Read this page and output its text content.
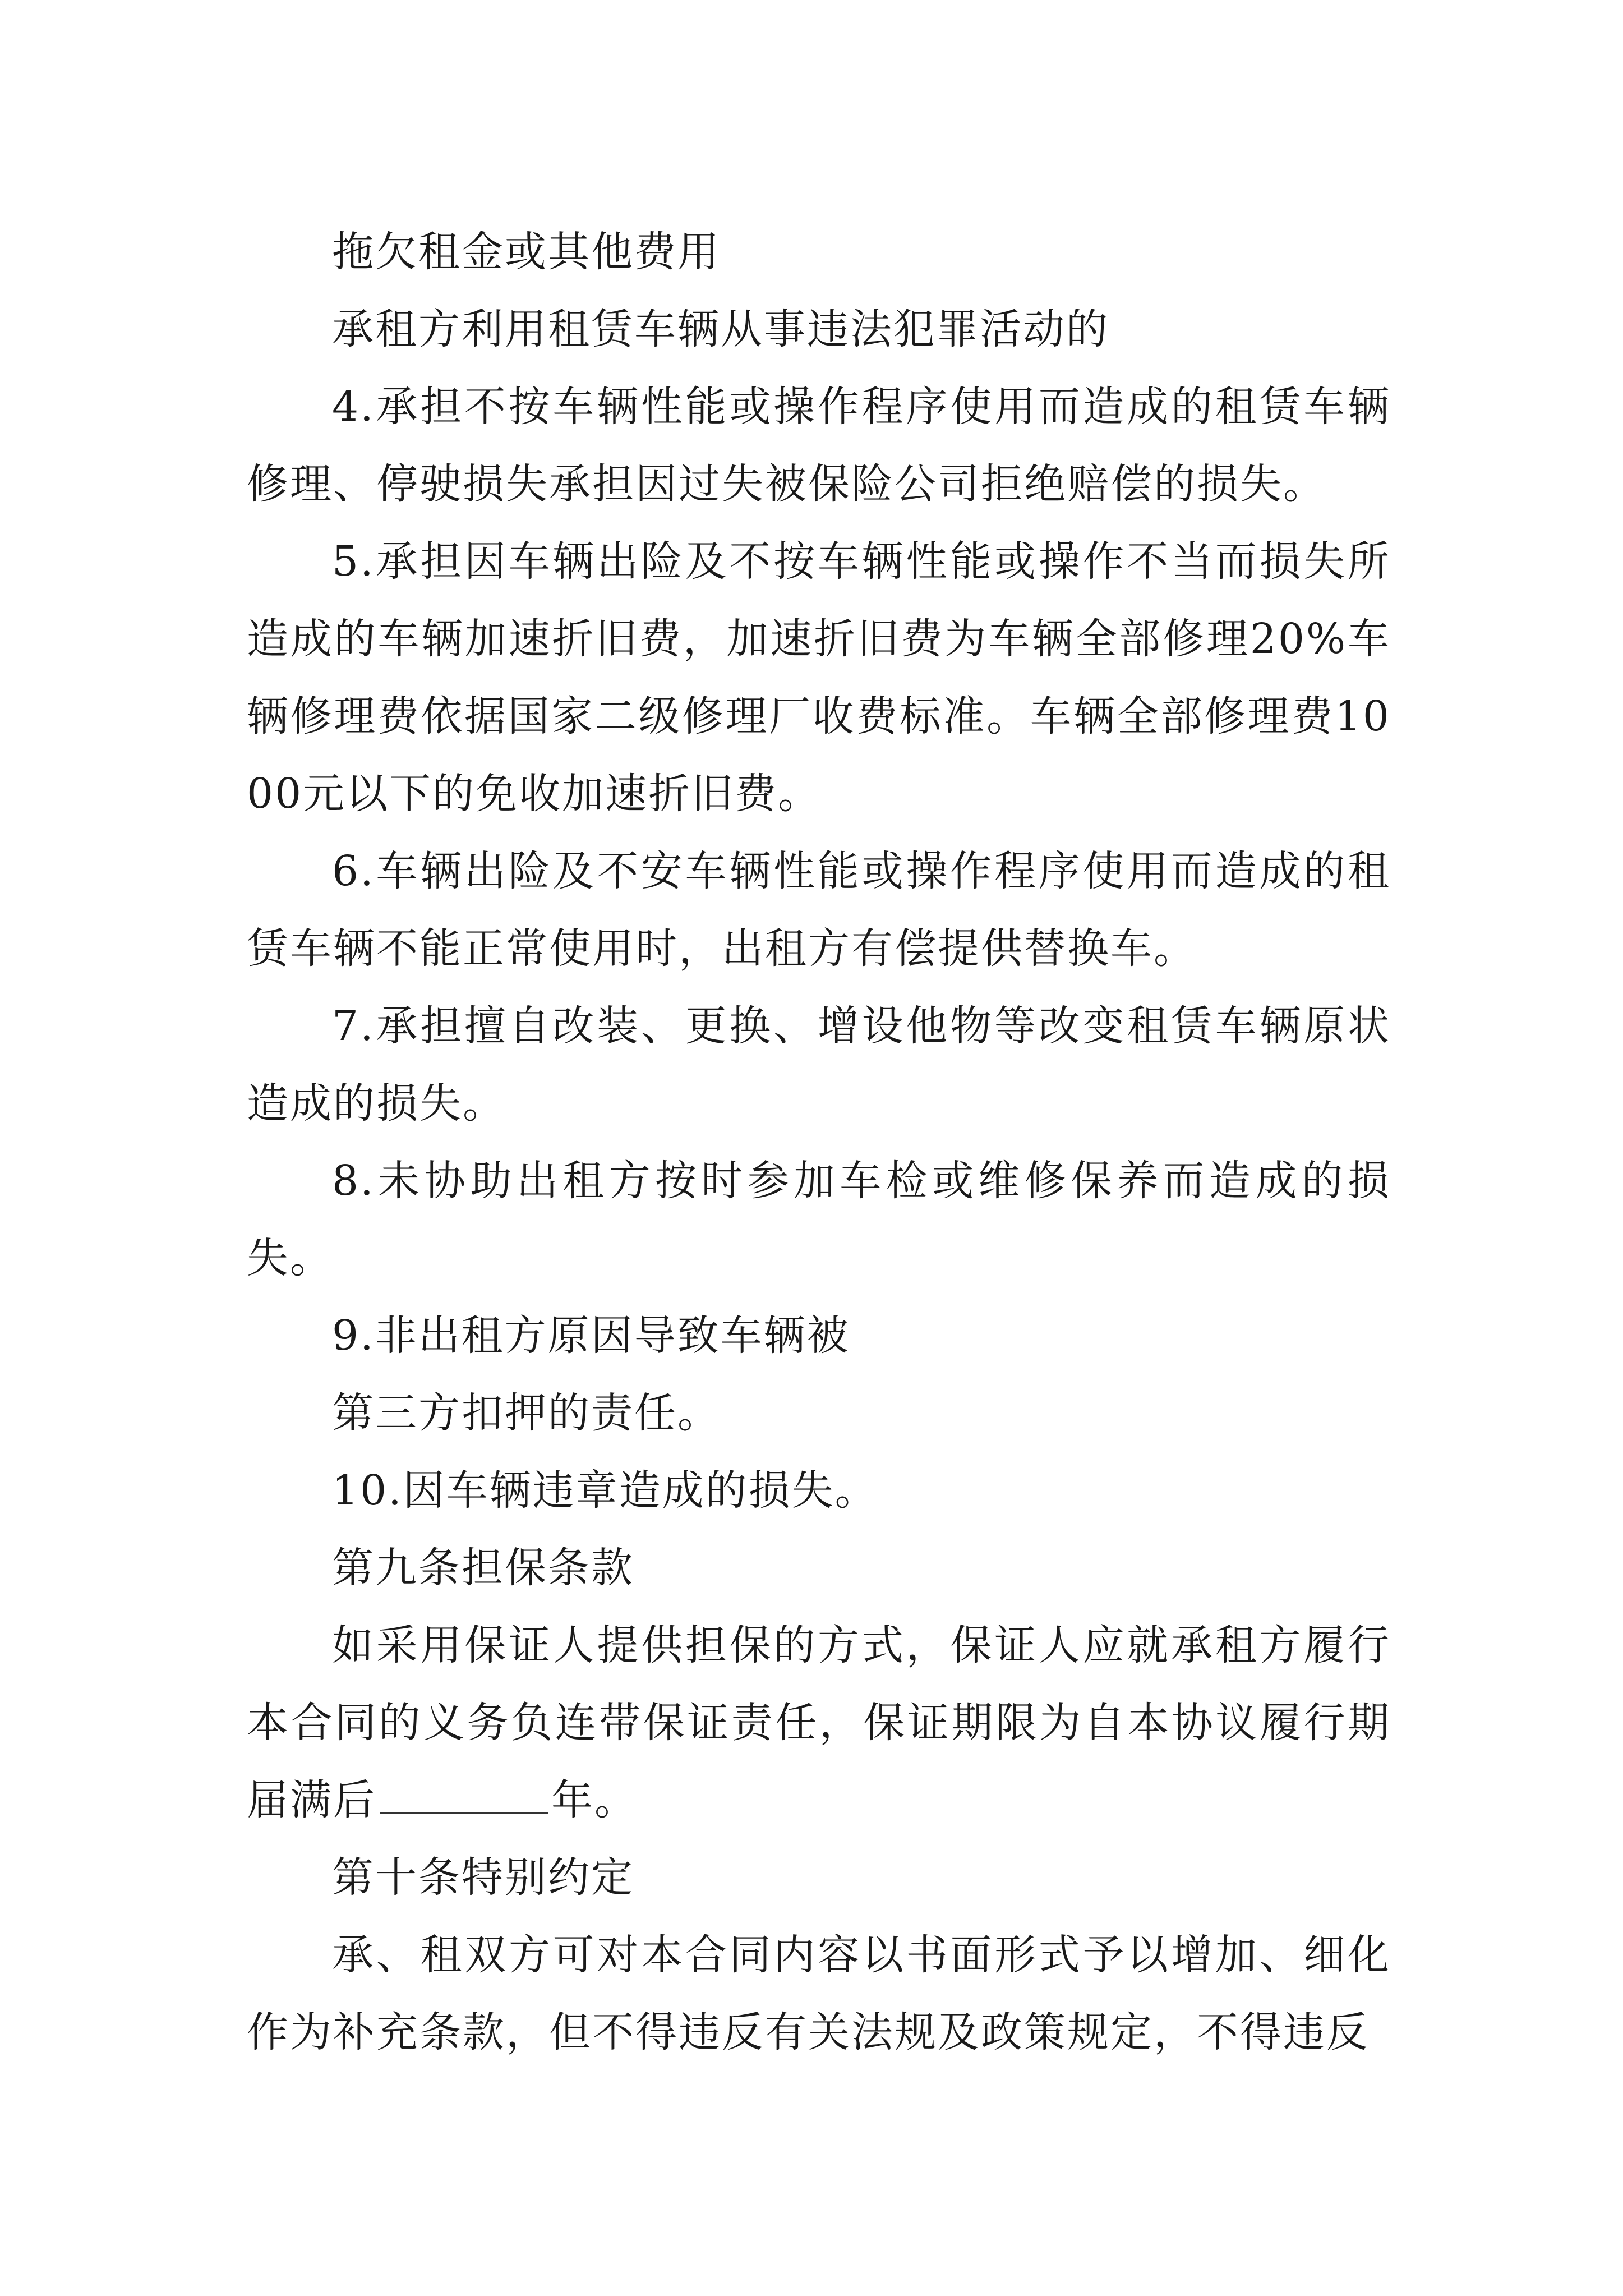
拖欠租金或其他费用

承租方利用租赁车辆从事违法犯罪活动的

4.承担不按车辆性能或操作程序使用而造成的租赁车辆修理、停驶损失承担因过失被保险公司拒绝赔偿的损失。

5.承担因车辆出险及不按车辆性能或操作不当而损失所造成的车辆加速折旧费，加速折旧费为车辆全部修理20%车辆修理费依据国家二级修理厂收费标准。车辆全部修理费1000元以下的免收加速折旧费。

6.车辆出险及不安车辆性能或操作程序使用而造成的租赁车辆不能正常使用时，出租方有偿提供替换车。

7.承担擅自改装、更换、增设他物等改变租赁车辆原状造成的损失。

8.未协助出租方按时参加车检或维修保养而造成的损失。

9.非出租方原因导致车辆被

第三方扣押的责任。

10.因车辆违章造成的损失。

第九条担保条款

如采用保证人提供担保的方式，保证人应就承租方履行本合同的义务负连带保证责任，保证期限为自本协议履行期届满后	年。

第十条特别约定

承、租双方可对本合同内容以书面形式予以增加、细化作为补充条款，但不得违反有关法规及政策规定，不得违反
